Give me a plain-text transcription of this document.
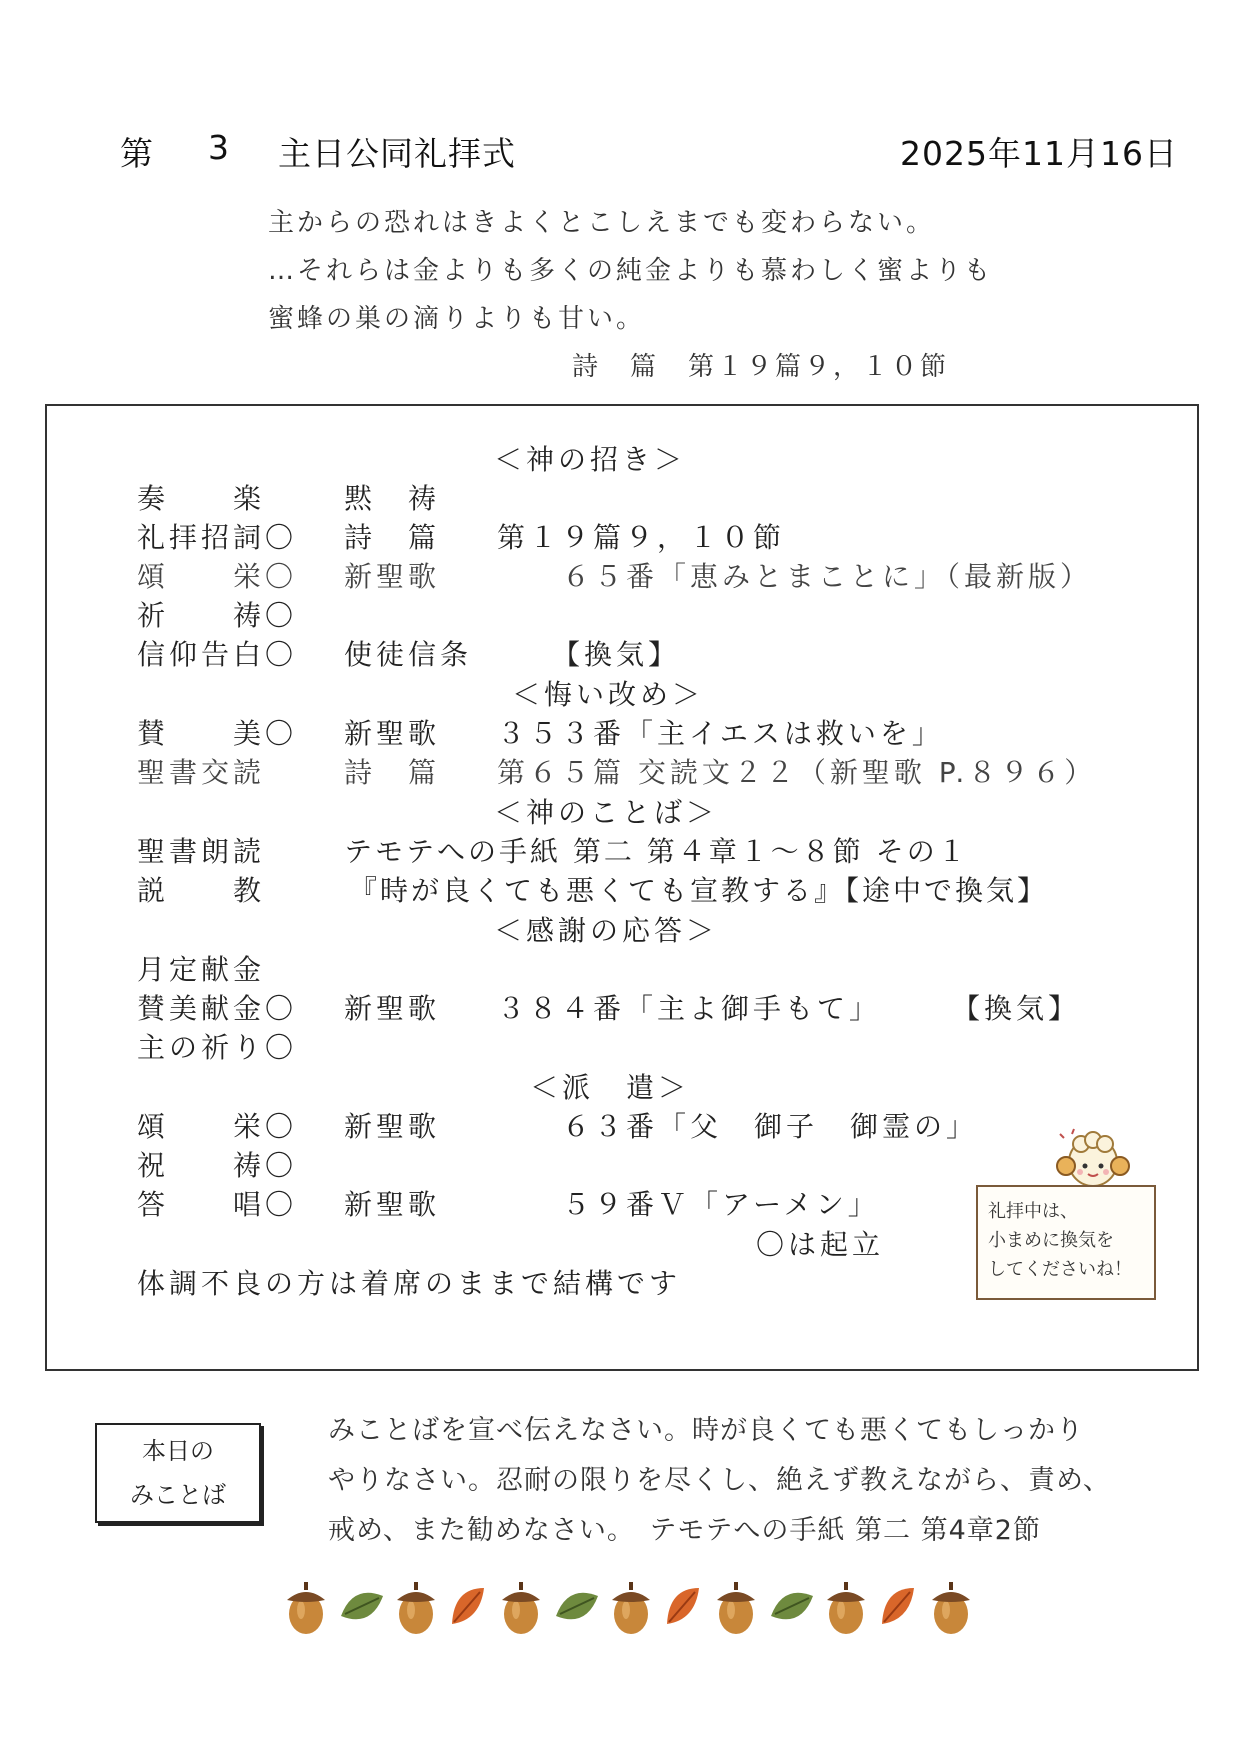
第 3 主日公同礼拝式	2025年11月16日
主からの恐れはきよくとこしえまでも変わらない。
…それらは金よりも多くの純金よりも慕わしく蜜よりも
蜜蜂の巣の滴りよりも甘い。
詩　篇　第１９篇９，１０節
＜神の招き＞
奏　　楽	黙　祷
礼拝招詞〇 詩　篇 第１９篇９，１０節
頌　　栄〇 新聖歌	６５番「恵みとまことに」（最新版）
祈　　祷〇
信仰告白〇 使徒信条	【換気】
＜悔い改め＞
賛　　美〇 新聖歌 ３５３番「主イエスは救いを」
聖書交読	詩　篇 第６５篇 交読文２２（新聖歌 P.８９６）
＜神のことば＞
聖書朗読	テモテへの手紙 第二 第４章１～８節 その１
説　　教	『時が良くても悪くても宣教する』【途中で換気】
＜感謝の応答＞
月定献金
賛美献金〇 新聖歌 ３８４番「主よ御手もて」	【換気】
主の祈り〇
＜派　遣＞
頌　　栄〇 新聖歌	６３番「父　御子　御霊の」
祝　　祷〇
答　　唱〇 新聖歌	５９番Ｖ「アーメン」
〇は起立
体調不良の方は着席のままで結構です
礼拝中は、
小まめに換気を
してくださいね！
本日の
みことば
みことばを宣べ伝えなさい。時が良くても悪くてもしっかり
やりなさい。忍耐の限りを尽くし、絶えず教えながら、責め、
戒め、また勧めなさい。　テモテへの手紙 第二 第4章2節
